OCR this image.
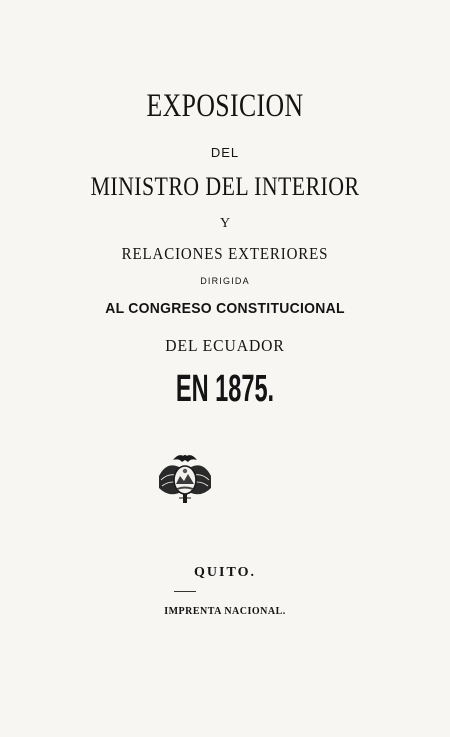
EXPOSICION
DEL
MINISTRO DEL INTERIOR
Y
RELACIONES EXTERIORES
DIRIGIDA
AL CONGRESO CONSTITUCIONAL
DEL ECUADOR
EN 1875.
QUITO.
IMPRENTA NACIONAL.
